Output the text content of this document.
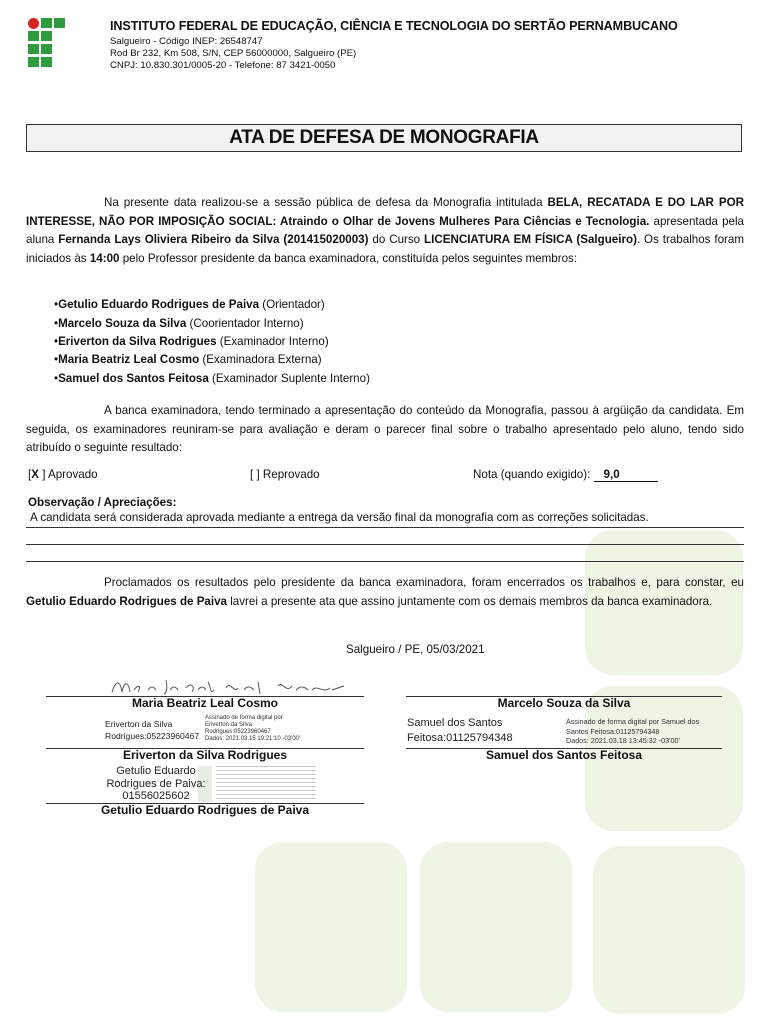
INSTITUTO FEDERAL DE EDUCAÇÃO, CIÊNCIA E TECNOLOGIA DO SERTÃO PERNAMBUCANO
Salgueiro - Código INEP: 26548747
Rod Br 232, Km 508, S/N, CEP 56000000, Salgueiro (PE)
CNPJ: 10.830.301/0005-20 - Telefone: 87 3421-0050
ATA DE DEFESA DE MONOGRAFIA
Na presente data realizou-se a sessão pública de defesa da Monografia intitulada BELA, RECATADA E DO LAR POR INTERESSE, NÃO POR IMPOSIÇÃO SOCIAL: Atraindo o Olhar de Jovens Mulheres Para Ciências e Tecnologia. apresentada pela aluna Fernanda Lays Oliviera Ribeiro da Silva (201415020003) do Curso LICENCIATURA EM FÍSICA (Salgueiro). Os trabalhos foram iniciados às 14:00 pelo Professor presidente da banca examinadora, constituída pelos seguintes membros:
•Getulio Eduardo Rodrigues de Paiva (Orientador)
•Marcelo Souza da Silva (Coorientador Interno)
•Eriverton da Silva Rodrigues (Examinador Interno)
•Maria Beatriz Leal Cosmo (Examinadora Externa)
•Samuel dos Santos Feitosa (Examinador Suplente Interno)
A banca examinadora, tendo terminado a apresentação do conteúdo da Monografia, passou à argüição da candidata. Em seguida, os examinadores reuniram-se para avaliação e deram o parecer final sobre o trabalho apresentado pelo aluno, tendo sido atribuído o seguinte resultado:
[X ] Aprovado	[ ] Reprovado	Nota (quando exigido): 9,0
Observação / Apreciações:
A candidata será considerada aprovada mediante a entrega da versão final da monografia com as correções solicitadas.
Proclamados os resultados pelo presidente da banca examinadora, foram encerrados os trabalhos e, para constar, eu Getulio Eduardo Rodrigues de Paiva lavrei a presente ata que assino juntamente com os demais membros da banca examinadora.
Salgueiro / PE, 05/03/2021
Maria Beatriz Leal Cosmo	Marcelo Souza da Silva
Eriverton da Silva
Rodrigues:05223960467
Assinado de forma digital por
Eriverton da Silva
Rodrigues:05223960467
Dados: 2021.03.15 19:21:10 -03'00'
Eriverton da Silva Rodrigues
Samuel dos Santos
Feitosa:01125794348
Assinado de forma digital por Samuel dos
Santos Feitosa:01125794348
Dados: 2021.03.18 13:45:32 -03'00'
Samuel dos Santos Feitosa
Getulio Eduardo
Rodrigues de Paiva:
01556025602
Getulio Eduardo Rodrigues de Paiva
